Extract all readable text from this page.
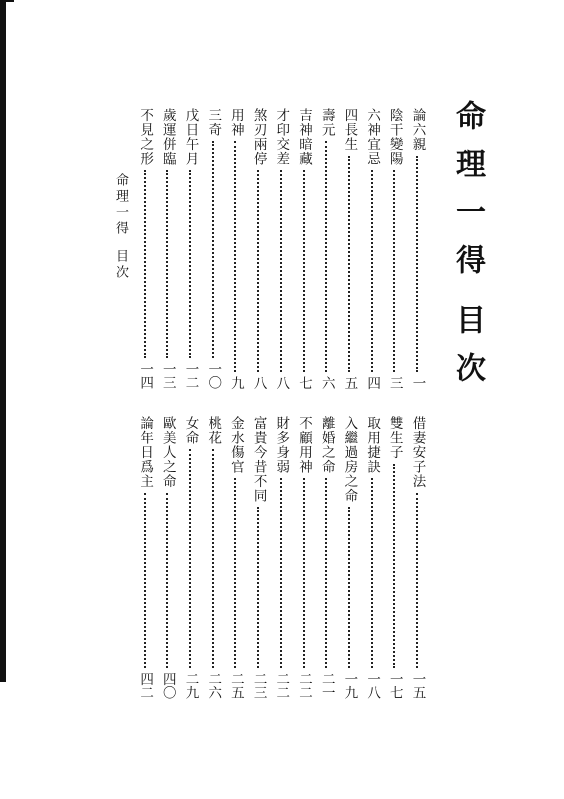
命理一得目次
命理一得目次
論六親
一
陰干變陽
三
六神宜忌
四
四長生
五
壽元
六
吉神暗藏
七
才印交差
八
煞刃兩停
八
用神
九
三奇
一〇
戊日午月
一二
歲運併臨
一三
不見之形
一四
借妻安子法
一五
雙生子
一七
取用捷訣
一八
入繼過房之命
一九
離婚之命
二一
不顧用神
二二
財多身弱
二二
富貴今昔不同
二三
金水傷官
二五
桃花
二六
女命
二九
歐美人之命
四〇
論年日爲主
四二
